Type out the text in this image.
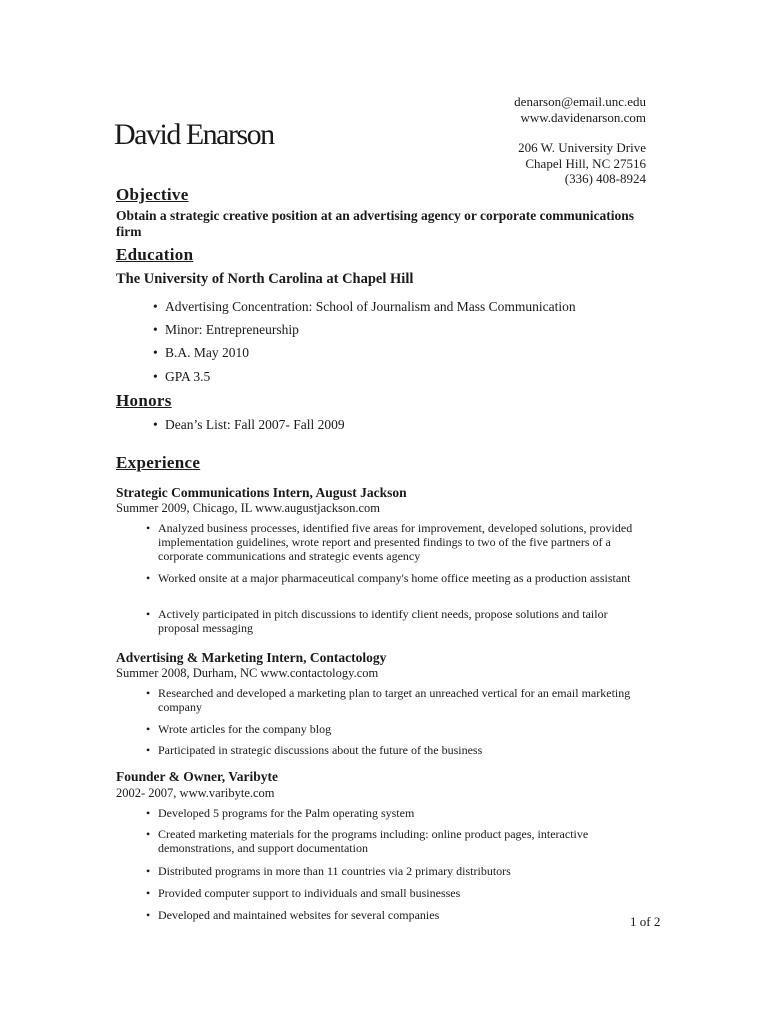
denarson@email.unc.edu
www.davidenarson.com
206 W. University Drive
Chapel Hill, NC 27516
(336) 408-8924
David Enarson
Objective
Obtain a strategic creative position at an advertising agency or corporate communications firm
Education
The University of North Carolina at Chapel Hill
• Advertising Concentration: School of Journalism and Mass Communication
• Minor: Entrepreneurship
• B.A. May 2010
• GPA 3.5
Honors
• Dean’s List: Fall 2007- Fall 2009
Experience
Strategic Communications Intern, August Jackson
Summer 2009, Chicago, IL www.augustjackson.com
• Analyzed business processes, identified five areas for improvement, developed solutions, provided implementation guidelines, wrote report and presented findings to two of the five partners of a corporate communications and strategic events agency
• Worked onsite at a major pharmaceutical company's home office meeting as a production assistant
• Actively participated in pitch discussions to identify client needs, propose solutions and tailor proposal messaging
Advertising & Marketing Intern, Contactology
Summer 2008, Durham, NC www.contactology.com
• Researched and developed a marketing plan to target an unreached vertical for an email marketing company
• Wrote articles for the company blog
• Participated in strategic discussions about the future of the business
Founder & Owner, Varibyte
2002- 2007, www.varibyte.com
• Developed 5 programs for the Palm operating system
• Created marketing materials for the programs including: online product pages, interactive demonstrations, and support documentation
• Distributed programs in more than 11 countries via 2 primary distributors
• Provided computer support to individuals and small businesses
• Developed and maintained websites for several companies	1 of 2
